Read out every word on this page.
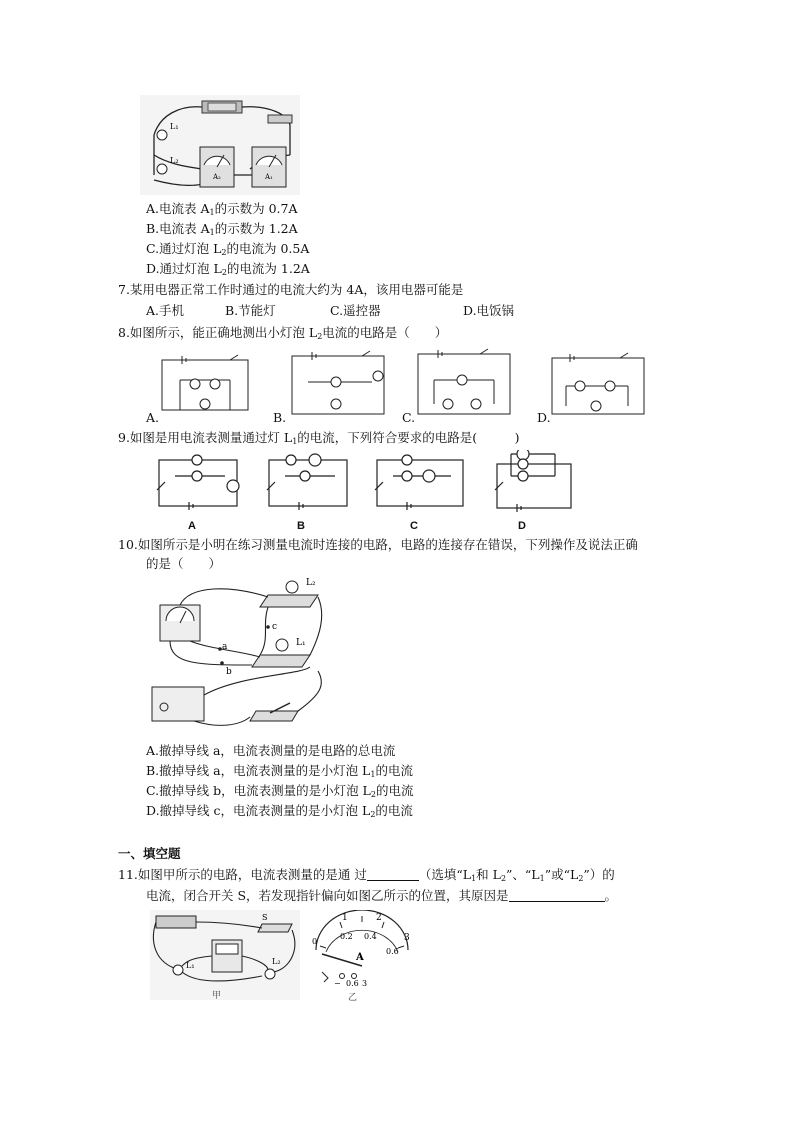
L₁
L₂
A₂	A₁
A.电流表 $A_1$的示数为 0.7A
B.电流表 $A_1$的示数为 1.2A
C.通过灯泡 $L_2$的电流为 0.5A
D.通过灯泡 $L_2$的电流为 1.2A
7.某用电器正常工作时通过的电流大约为 4A，该用电器可能是
A.手机	B.节能灯	C.遥控器	D.电饭锅
8.如图所示，能正确地测出小灯泡 $L_2$电流的电路是（　　）
A.	B.	C.	D.
9.如图是用电流表测量通过灯 $L_1$的电流，下列符合要求的电路是(　　　)
A	B	C	D
10.如图所示是小明在练习测量电流时连接的电路，电路的连接存在错误，下列操作及说法正确
的是（　　）
L₂
L₁
c
a
b
A.撤掉导线 a，电流表测量的是电路的总电流
B.撤掉导线 a，电流表测量的是小灯泡 $L_1$的电流
C.撤掉导线 b，电流表测量的是小灯泡 $L_2$的电流
D.撤掉导线 c，电流表测量的是小灯泡 $L_2$的电流
一、填空题
11.如图甲所示的电路，电流表测量的是通 过	（选填“$L_1$和 $L_2$”、“$L_1$”或“$L_2$”）的
电流，闭合开关 S，若发现指针偏向如图乙所示的位置，其原因是	。
S
L₁	L₂
甲
1	2
3
0
0.2 0.4
0.6
A
− 0.6 3
乙
